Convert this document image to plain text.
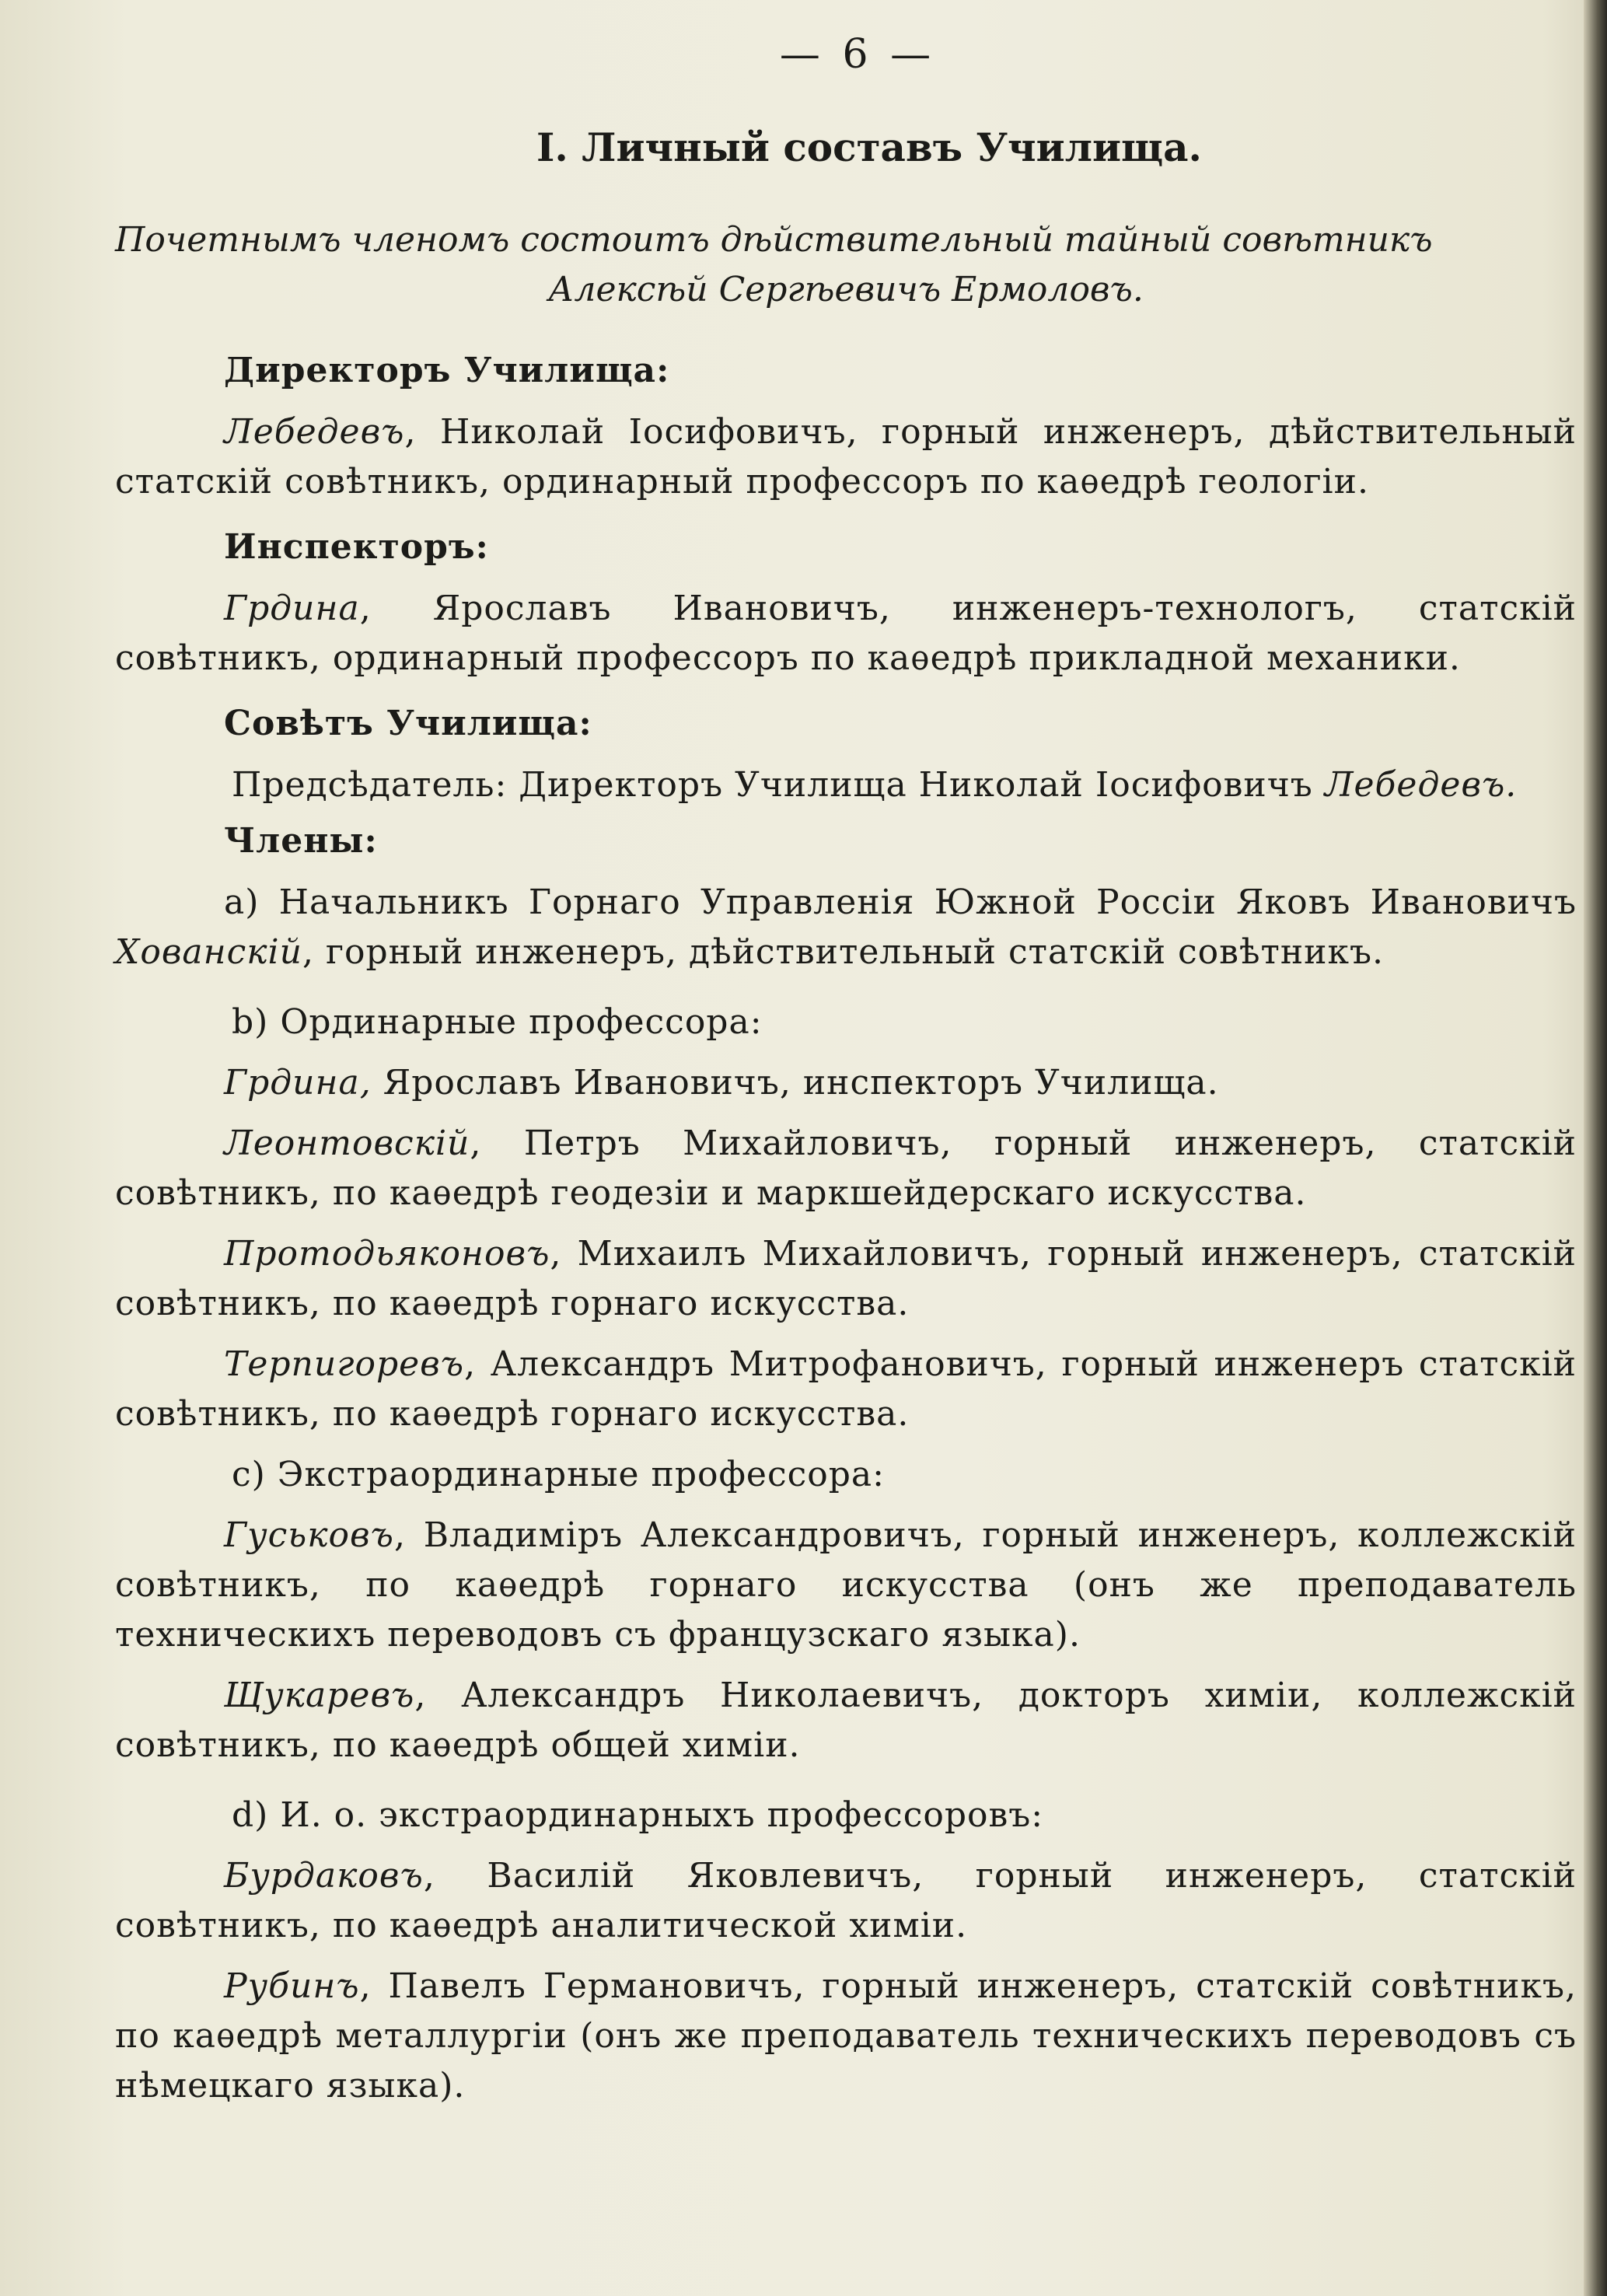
— 6 —
I. Личный составъ Училища.
Почетнымъ членомъ состоитъ дѣйствительный тайный совѣтникъ
Алексѣй Сергѣевичъ Ермоловъ.
Директоръ Училища:

Лебедевъ, Николай Іосифовичъ, горный инженеръ, дѣйствительный статскій совѣтникъ, ординарный профессоръ по каѳедрѣ геологіи.

Инспекторъ:

Грдина, Ярославъ Ивановичъ, инженеръ-технологъ, статскій совѣтникъ, ординарный профессоръ по каѳедрѣ прикладной механики.

Совѣтъ Училища:
Предсѣдатель: Директоръ Училища Николай Іосифовичъ Лебедевъ.
Члены:

а) Начальникъ Горнаго Управленія Южной Россіи Яковъ Ивановичъ Хованскій, горный инженеръ, дѣйствительный статскій совѣтникъ.

b) Ординарные профессора:

Грдина, Ярославъ Ивановичъ, инспекторъ Училища.

Леонтовскій, Петръ Михайловичъ, горный инженеръ, статскій совѣтникъ, по каѳедрѣ геодезіи и маркшейдерскаго искусства.

Протодьяконовъ, Михаилъ Михайловичъ, горный инженеръ, статскій совѣтникъ, по каѳедрѣ горнаго искусства.

Терпигоревъ, Александръ Митрофановичъ, горный инженеръ статскій совѣтникъ, по каѳедрѣ горнаго искусства.

с) Экстраординарные профессора:

Гуськовъ, Владиміръ Александровичъ, горный инженеръ, коллежскій совѣтникъ, по каѳедрѣ горнаго искусства (онъ же преподаватель техническихъ переводовъ съ французскаго языка).

Щукаревъ, Александръ Николаевичъ, докторъ химіи, коллежскій совѣтникъ, по каѳедрѣ общей химіи.

d) И. о. экстраординарныхъ профессоровъ:

Бурдаковъ, Василій Яковлевичъ, горный инженеръ, статскій совѣтникъ, по каѳедрѣ аналитической химіи.

Рубинъ, Павелъ Германовичъ, горный инженеръ, статскій совѣтникъ, по каѳедрѣ металлургіи (онъ же преподаватель техническихъ переводовъ съ нѣмецкаго языка).
